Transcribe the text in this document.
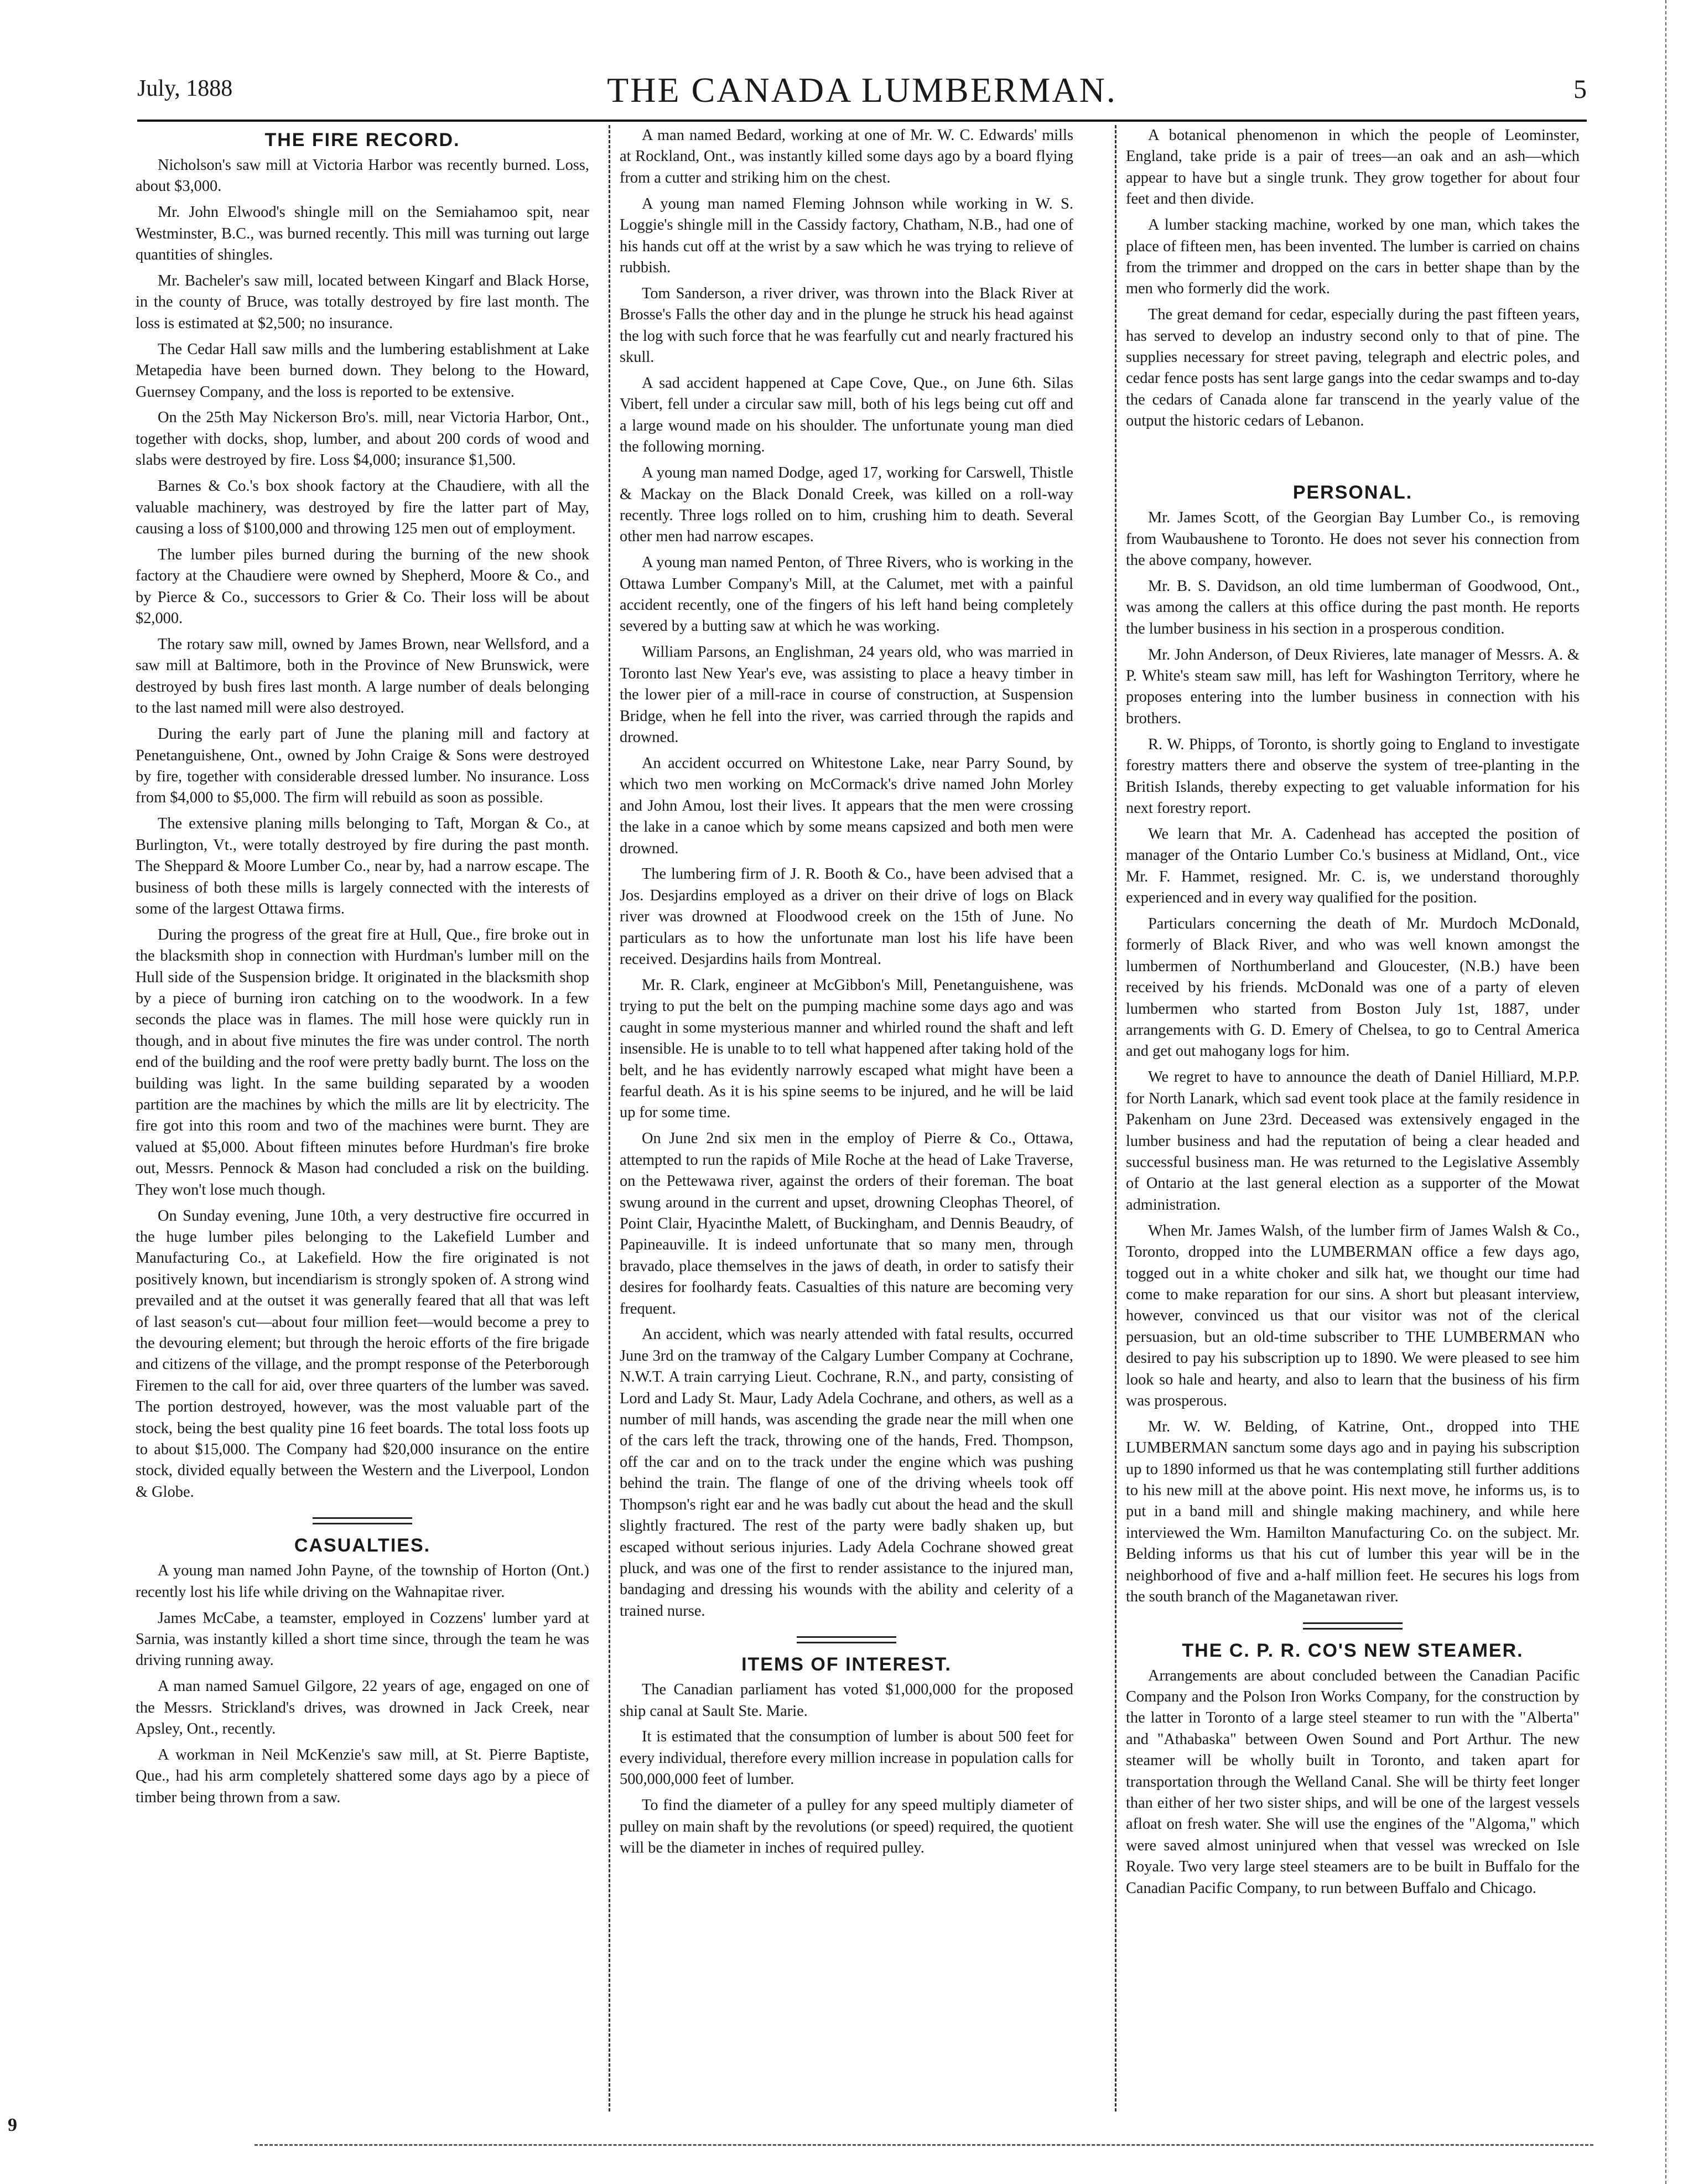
July, 1888	THE CANADA LUMBERMAN.	5
THE FIRE RECORD.

Nicholson's saw mill at Victoria Harbor was recently burned. Loss, about $3,000.

Mr. John Elwood's shingle mill on the Semiahamoo spit, near Westminster, B.C., was burned recently. This mill was turning out large quantities of shingles.

Mr. Bacheler's saw mill, located between Kingarf and Black Horse, in the county of Bruce, was totally destroyed by fire last month. The loss is estimated at $2,500; no insurance.

The Cedar Hall saw mills and the lumbering establishment at Lake Metapedia have been burned down. They belong to the Howard, Guernsey Company, and the loss is reported to be extensive.

On the 25th May Nickerson Bro's. mill, near Victoria Harbor, Ont., together with docks, shop, lumber, and about 200 cords of wood and slabs were destroyed by fire. Loss $4,000; insurance $1,500.

Barnes & Co.'s box shook factory at the Chaudiere, with all the valuable machinery, was destroyed by fire the latter part of May, causing a loss of $100,000 and throwing 125 men out of employment.

The lumber piles burned during the burning of the new shook factory at the Chaudiere were owned by Shepherd, Moore & Co., and by Pierce & Co., successors to Grier & Co. Their loss will be about $2,000.

The rotary saw mill, owned by James Brown, near Wellsford, and a saw mill at Baltimore, both in the Province of New Brunswick, were destroyed by bush fires last month. A large number of deals belonging to the last named mill were also destroyed.

During the early part of June the planing mill and factory at Penetanguishene, Ont., owned by John Craige & Sons were destroyed by fire, together with considerable dressed lumber. No insurance. Loss from $4,000 to $5,000. The firm will rebuild as soon as possible.

The extensive planing mills belonging to Taft, Morgan & Co., at Burlington, Vt., were totally destroyed by fire during the past month. The Sheppard & Moore Lumber Co., near by, had a narrow escape. The business of both these mills is largely connected with the interests of some of the largest Ottawa firms.

During the progress of the great fire at Hull, Que., fire broke out in the blacksmith shop in connection with Hurdman's lumber mill on the Hull side of the Suspension bridge. It originated in the blacksmith shop by a piece of burning iron catching on to the woodwork. In a few seconds the place was in flames. The mill hose were quickly run in though, and in about five minutes the fire was under control. The north end of the building and the roof were pretty badly burnt. The loss on the building was light. In the same building separated by a wooden partition are the machines by which the mills are lit by electricity. The fire got into this room and two of the machines were burnt. They are valued at $5,000. About fifteen minutes before Hurdman's fire broke out, Messrs. Pennock & Mason had concluded a risk on the building. They won't lose much though.

On Sunday evening, June 10th, a very destructive fire occurred in the huge lumber piles belonging to the Lakefield Lumber and Manufacturing Co., at Lakefield. How the fire originated is not positively known, but incendiarism is strongly spoken of. A strong wind prevailed and at the outset it was generally feared that all that was left of last season's cut—about four million feet—would become a prey to the devouring element; but through the heroic efforts of the fire brigade and citizens of the village, and the prompt response of the Peterborough Firemen to the call for aid, over three quarters of the lumber was saved. The portion destroyed, however, was the most valuable part of the stock, being the best quality pine 16 feet boards. The total loss foots up to about $15,000. The Company had $20,000 insurance on the entire stock, divided equally between the Western and the Liverpool, London & Globe.

CASUALTIES.

A young man named John Payne, of the township of Horton (Ont.) recently lost his life while driving on the Wahnapitae river.

James McCabe, a teamster, employed in Cozzens' lumber yard at Sarnia, was instantly killed a short time since, through the team he was driving running away.

A man named Samuel Gilgore, 22 years of age, engaged on one of the Messrs. Strickland's drives, was drowned in Jack Creek, near Apsley, Ont., recently.

A workman in Neil McKenzie's saw mill, at St. Pierre Baptiste, Que., had his arm completely shattered some days ago by a piece of timber being thrown from a saw.

A man named Bedard, working at one of Mr. W. C. Edwards' mills at Rockland, Ont., was instantly killed some days ago by a board flying from a cutter and striking him on the chest.

A young man named Fleming Johnson while working in W. S. Loggie's shingle mill in the Cassidy factory, Chatham, N.B., had one of his hands cut off at the wrist by a saw which he was trying to relieve of rubbish.

Tom Sanderson, a river driver, was thrown into the Black River at Brosse's Falls the other day and in the plunge he struck his head against the log with such force that he was fearfully cut and nearly fractured his skull.

A sad accident happened at Cape Cove, Que., on June 6th. Silas Vibert, fell under a circular saw mill, both of his legs being cut off and a large wound made on his shoulder. The unfortunate young man died the following morning.

A young man named Dodge, aged 17, working for Carswell, Thistle & Mackay on the Black Donald Creek, was killed on a roll-way recently. Three logs rolled on to him, crushing him to death. Several other men had narrow escapes.

A young man named Penton, of Three Rivers, who is working in the Ottawa Lumber Company's Mill, at the Calumet, met with a painful accident recently, one of the fingers of his left hand being completely severed by a butting saw at which he was working.

William Parsons, an Englishman, 24 years old, who was married in Toronto last New Year's eve, was assisting to place a heavy timber in the lower pier of a mill-race in course of construction, at Suspension Bridge, when he fell into the river, was carried through the rapids and drowned.

An accident occurred on Whitestone Lake, near Parry Sound, by which two men working on McCormack's drive named John Morley and John Amou, lost their lives. It appears that the men were crossing the lake in a canoe which by some means capsized and both men were drowned.

The lumbering firm of J. R. Booth & Co., have been advised that a Jos. Desjardins employed as a driver on their drive of logs on Black river was drowned at Floodwood creek on the 15th of June. No particulars as to how the unfortunate man lost his life have been received. Desjardins hails from Montreal.

Mr. R. Clark, engineer at McGibbon's Mill, Penetanguishene, was trying to put the belt on the pumping machine some days ago and was caught in some mysterious manner and whirled round the shaft and left insensible. He is unable to to tell what happened after taking hold of the belt, and he has evidently narrowly escaped what might have been a fearful death. As it is his spine seems to be injured, and he will be laid up for some time.

On June 2nd six men in the employ of Pierre & Co., Ottawa, attempted to run the rapids of Mile Roche at the head of Lake Traverse, on the Pettewawa river, against the orders of their foreman. The boat swung around in the current and upset, drowning Cleophas Theorel, of Point Clair, Hyacinthe Malett, of Buckingham, and Dennis Beaudry, of Papineauville. It is indeed unfortunate that so many men, through bravado, place themselves in the jaws of death, in order to satisfy their desires for foolhardy feats. Casualties of this nature are becoming very frequent.

An accident, which was nearly attended with fatal results, occurred June 3rd on the tramway of the Calgary Lumber Company at Cochrane, N.W.T. A train carrying Lieut. Cochrane, R.N., and party, consisting of Lord and Lady St. Maur, Lady Adela Cochrane, and others, as well as a number of mill hands, was ascending the grade near the mill when one of the cars left the track, throwing one of the hands, Fred. Thompson, off the car and on to the track under the engine which was pushing behind the train. The flange of one of the driving wheels took off Thompson's right ear and he was badly cut about the head and the skull slightly fractured. The rest of the party were badly shaken up, but escaped without serious injuries. Lady Adela Cochrane showed great pluck, and was one of the first to render assistance to the injured man, bandaging and dressing his wounds with the ability and celerity of a trained nurse.

ITEMS OF INTEREST.

The Canadian parliament has voted $1,000,000 for the proposed ship canal at Sault Ste. Marie.

It is estimated that the consumption of lumber is about 500 feet for every individual, therefore every million increase in population calls for 500,000,000 feet of lumber.

To find the diameter of a pulley for any speed multiply diameter of pulley on main shaft by the revolutions (or speed) required, the quotient will be the diameter in inches of required pulley.

A botanical phenomenon in which the people of Leominster, England, take pride is a pair of trees—an oak and an ash—which appear to have but a single trunk. They grow together for about four feet and then divide.

A lumber stacking machine, worked by one man, which takes the place of fifteen men, has been invented. The lumber is carried on chains from the trimmer and dropped on the cars in better shape than by the men who formerly did the work.

The great demand for cedar, especially during the past fifteen years, has served to develop an industry second only to that of pine. The supplies necessary for street paving, telegraph and electric poles, and cedar fence posts has sent large gangs into the cedar swamps and to-day the cedars of Canada alone far transcend in the yearly value of the output the historic cedars of Lebanon.

PERSONAL.

Mr. James Scott, of the Georgian Bay Lumber Co., is removing from Waubaushene to Toronto. He does not sever his connection from the above company, however.

Mr. B. S. Davidson, an old time lumberman of Goodwood, Ont., was among the callers at this office during the past month. He reports the lumber business in his section in a prosperous condition.

Mr. John Anderson, of Deux Rivieres, late manager of Messrs. A. & P. White's steam saw mill, has left for Washington Territory, where he proposes entering into the lumber business in connection with his brothers.

R. W. Phipps, of Toronto, is shortly going to England to investigate forestry matters there and observe the system of tree-planting in the British Islands, thereby expecting to get valuable information for his next forestry report.

We learn that Mr. A. Cadenhead has accepted the position of manager of the Ontario Lumber Co.'s business at Midland, Ont., vice Mr. F. Hammet, resigned. Mr. C. is, we understand thoroughly experienced and in every way qualified for the position.

Particulars concerning the death of Mr. Murdoch McDonald, formerly of Black River, and who was well known amongst the lumbermen of Northumberland and Gloucester, (N.B.) have been received by his friends. McDonald was one of a party of eleven lumbermen who started from Boston July 1st, 1887, under arrangements with G. D. Emery of Chelsea, to go to Central America and get out mahogany logs for him.

We regret to have to announce the death of Daniel Hilliard, M.P.P. for North Lanark, which sad event took place at the family residence in Pakenham on June 23rd. Deceased was extensively engaged in the lumber business and had the reputation of being a clear headed and successful business man. He was returned to the Legislative Assembly of Ontario at the last general election as a supporter of the Mowat administration.

When Mr. James Walsh, of the lumber firm of James Walsh & Co., Toronto, dropped into the LUMBERMAN office a few days ago, togged out in a white choker and silk hat, we thought our time had come to make reparation for our sins. A short but pleasant interview, however, convinced us that our visitor was not of the clerical persuasion, but an old-time subscriber to THE LUMBERMAN who desired to pay his subscription up to 1890. We were pleased to see him look so hale and hearty, and also to learn that the business of his firm was prosperous.

Mr. W. W. Belding, of Katrine, Ont., dropped into THE LUMBERMAN sanctum some days ago and in paying his subscription up to 1890 informed us that he was contemplating still further additions to his new mill at the above point. His next move, he informs us, is to put in a band mill and shingle making machinery, and while here interviewed the Wm. Hamilton Manufacturing Co. on the subject. Mr. Belding informs us that his cut of lumber this year will be in the neighborhood of five and a-half million feet. He secures his logs from the south branch of the Maganetawan river.

THE C. P. R. CO'S NEW STEAMER.

Arrangements are about concluded between the Canadian Pacific Company and the Polson Iron Works Company, for the construction by the latter in Toronto of a large steel steamer to run with the "Alberta" and "Athabaska" between Owen Sound and Port Arthur. The new steamer will be wholly built in Toronto, and taken apart for transportation through the Welland Canal. She will be thirty feet longer than either of her two sister ships, and will be one of the largest vessels afloat on fresh water. She will use the engines of the "Algoma," which were saved almost uninjured when that vessel was wrecked on Isle Royale. Two very large steel steamers are to be built in Buffalo for the Canadian Pacific Company, to run between Buffalo and Chicago.

9
